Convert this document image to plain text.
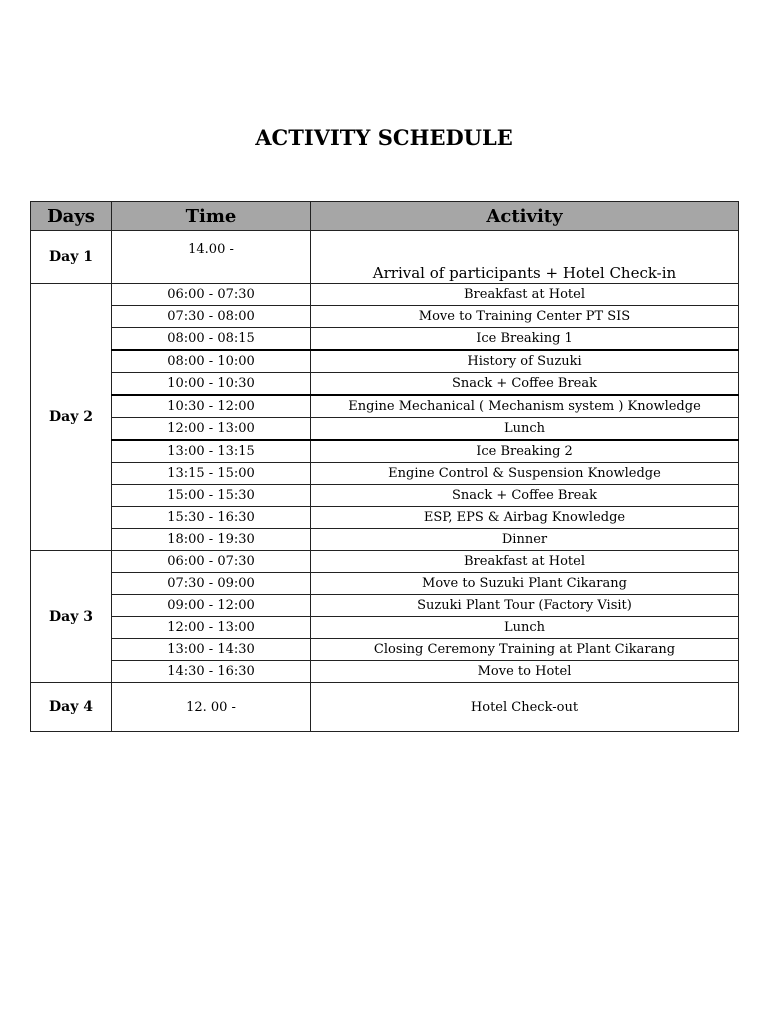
ACTIVITY SCHEDULE
Days	Time	Activity
Day 1	14.00 -	Arrival of participants + Hotel Check-in
Day 2	06:00 - 07:30	Breakfast at Hotel
	07:30 - 08:00	Move to Training Center PT SIS
	08:00 - 08:15	Ice Breaking 1
	08:00 - 10:00	History of Suzuki
	10:00 - 10:30	Snack + Coffee Break
	10:30 - 12:00	Engine Mechanical ( Mechanism system ) Knowledge
	12:00 - 13:00	Lunch
	13:00 - 13:15	Ice Breaking 2
	13:15 - 15:00	Engine Control & Suspension Knowledge
	15:00 - 15:30	Snack + Coffee Break
	15:30 - 16:30	ESP, EPS & Airbag Knowledge
	18:00 - 19:30	Dinner
Day 3	06:00 - 07:30	Breakfast at Hotel
	07:30 - 09:00	Move to Suzuki Plant Cikarang
	09:00 - 12:00	Suzuki Plant Tour (Factory Visit)
	12:00 - 13:00	Lunch
	13:00 - 14:30	Closing Ceremony Training at Plant Cikarang
	14:30 - 16:30	Move to Hotel
Day 4	12. 00 -	Hotel Check-out
